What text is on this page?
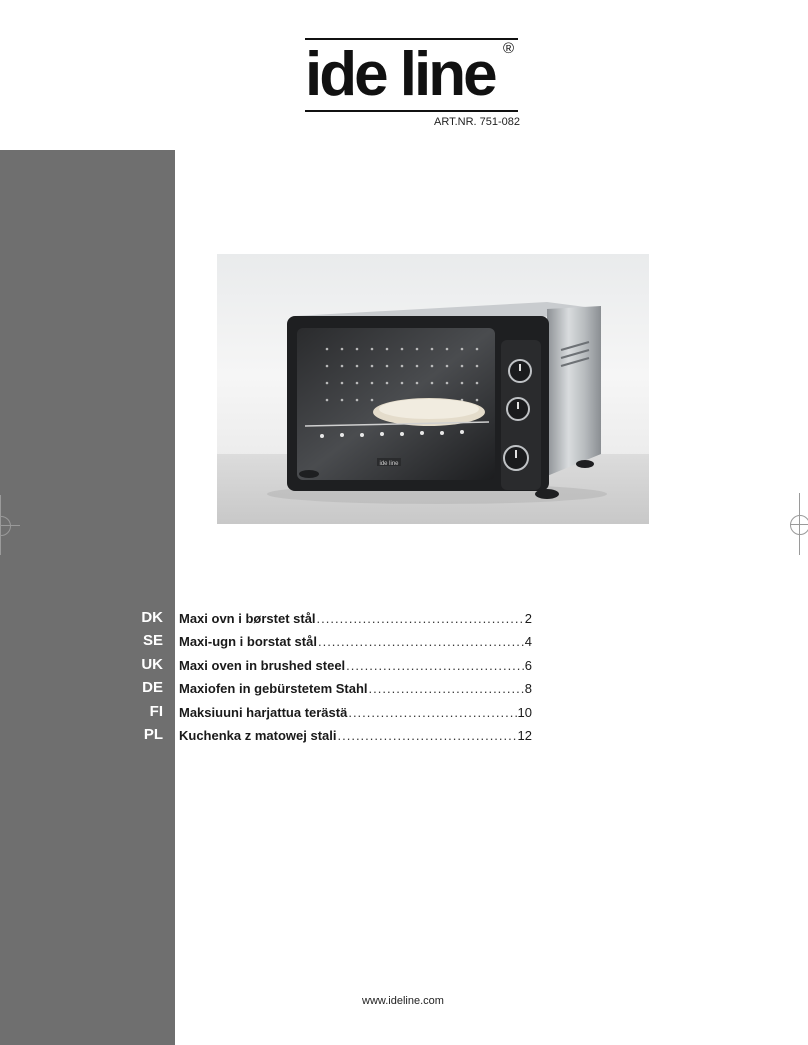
ide line ®
ART.NR. 751-082
ide line
DK Maxi ovn i børstet stål .....	2
SE Maxi-ugn i borstat stål .....	4
UK Maxi oven in brushed steel .....	6
DE Maxiofen in gebürstetem Stahl .....	8
FI Maksiuuni harjattua terästä .....	10
PL Kuchenka z matowej stali .....	12
www.ideline.com
